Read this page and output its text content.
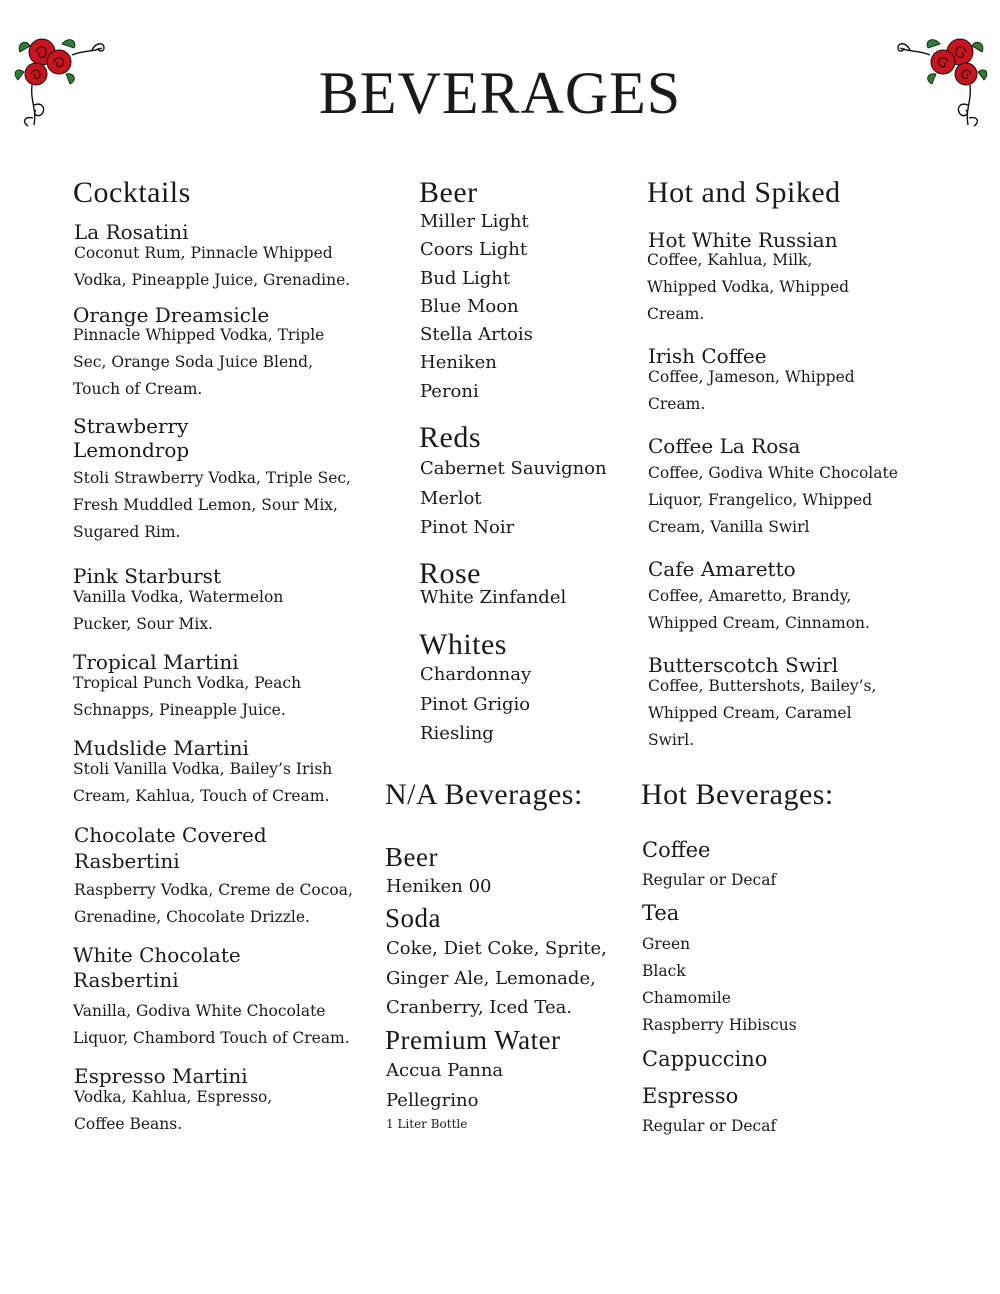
BEVERAGES
Cocktails
La Rosatini
Coconut Rum, Pinnacle Whipped
Vodka, Pineapple Juice, Grenadine.
Orange Dreamsicle
Pinnacle Whipped Vodka, Triple
Sec, Orange Soda Juice Blend,
Touch of Cream.
Strawberry Lemondrop
Stoli Strawberry Vodka, Triple Sec,
Fresh Muddled Lemon, Sour Mix,
Sugared Rim.
Pink Starburst
Vanilla Vodka, Watermelon
Pucker, Sour Mix.
Tropical Martini
Tropical Punch Vodka, Peach
Schnapps, Pineapple Juice.
Mudslide Martini
Stoli Vanilla Vodka, Bailey’s Irish
Cream, Kahlua, Touch of Cream.
Chocolate Covered Rasbertini
Raspberry Vodka, Creme de Cocoa,
Grenadine, Chocolate Drizzle.
White Chocolate Rasbertini
Vanilla, Godiva White Chocolate
Liquor, Chambord Touch of Cream.
Espresso Martini
Vodka, Kahlua, Espresso,
Coffee Beans.
Beer
Miller Light
Coors Light
Bud Light
Blue Moon
Stella Artois
Heniken
Peroni
Reds
Cabernet Sauvignon
Merlot
Pinot Noir
Rose
White Zinfandel
Whites
Chardonnay
Pinot Grigio
Riesling
N/A Beverages:
Beer
Heniken 00
Soda
Coke, Diet Coke, Sprite,
Ginger Ale, Lemonade,
Cranberry, Iced Tea.
Premium Water
Accua Panna
Pellegrino
1 Liter Bottle
Hot and Spiked
Hot White Russian
Coffee, Kahlua, Milk,
Whipped Vodka, Whipped
Cream.
Irish Coffee
Coffee, Jameson, Whipped
Cream.
Coffee La Rosa
Coffee, Godiva White Chocolate
Liquor, Frangelico, Whipped
Cream, Vanilla Swirl
Cafe Amaretto
Coffee, Amaretto, Brandy,
Whipped Cream, Cinnamon.
Butterscotch Swirl
Coffee, Buttershots, Bailey’s,
Whipped Cream, Caramel
Swirl.
Hot Beverages:
Coffee
Regular or Decaf
Tea
Green
Black
Chamomile
Raspberry Hibiscus
Cappuccino
Espresso
Regular or Decaf
